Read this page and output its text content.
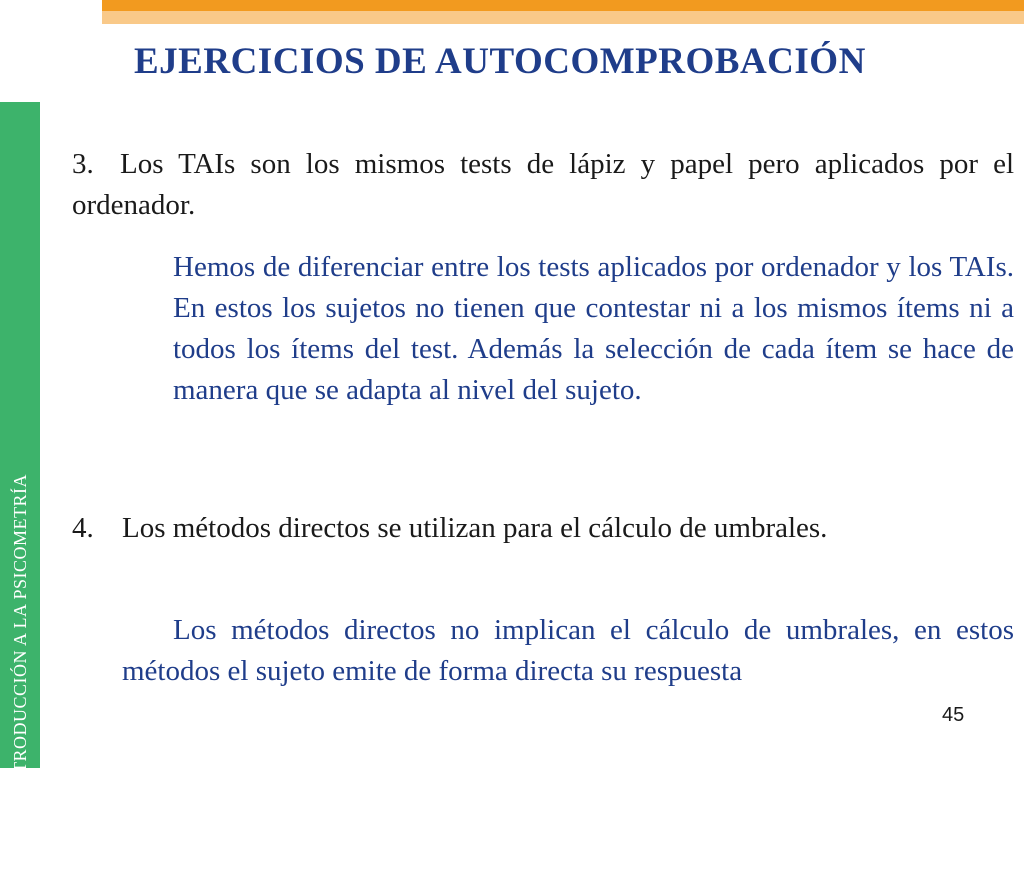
TEMA 1: INTRODUCCIÓN A LA PSICOMETRÍA
EJERCICIOS DE AUTOCOMPROBACIÓN
3. Los TAIs son los mismos tests de lápiz y papel pero aplicados por el ordenador.
Hemos de diferenciar entre los tests aplicados por ordenador y los TAIs. En estos los sujetos no tienen que contestar ni a los mismos ítems ni a todos los ítems del test. Además la selección de cada ítem se hace de manera que se adapta al nivel del sujeto.
4. Los métodos directos se utilizan para el cálculo de umbrales.
Los métodos directos no implican el cálculo de umbrales, en estos métodos el sujeto emite de forma directa su respuesta
45
